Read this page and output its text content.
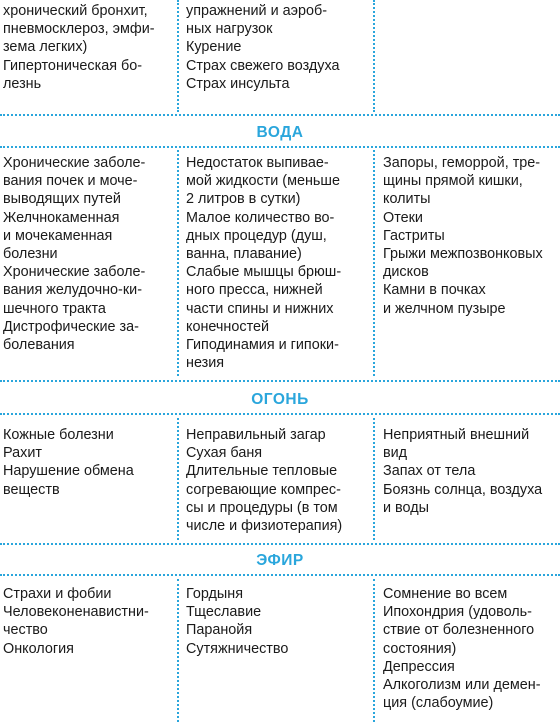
хронический бронхит,
пневмосклероз, эмфи-
зема легких)
Гипертоническая бо-
лезнь
упражнений и аэроб-
ных нагрузок
Курение
Страх свежего воздуха
Страх инсульта
ВОДА
Хронические заболе-
вания почек и моче-
выводящих путей
Желчнокаменная
и мочекаменная
болезни
Хронические заболе-
вания желудочно-ки-
шечного тракта
Дистрофические за-
болевания
Недостаток выпивае-
мой жидкости (меньше
2 литров в сутки)
Малое количество во-
дных процедур (душ,
ванна, плавание)
Слабые мышцы брюш-
ного пресса, нижней
части спины и нижних
конечностей
Гиподинамия и гипоки-
незия
Запоры, геморрой, тре-
щины прямой кишки,
колиты
Отеки
Гастриты
Грыжи межпозвонковых
дисков
Камни в почках
и желчном пузыре
ОГОНЬ
Кожные болезни
Рахит
Нарушение обмена
веществ
Неправильный загар
Сухая баня
Длительные тепловые
согревающие компрес-
сы и процедуры (в том
числе и физиотерапия)
Неприятный внешний
вид
Запах от тела
Боязнь солнца, воздуха
и воды
ЭФИР
Страхи и фобии
Человеконенавистни-
чество
Онкология
Гордыня
Тщеславие
Паранойя
Сутяжничество
Сомнение во всем
Ипохондрия (удоволь-
ствие от болезненного
состояния)
Депрессия
Алкоголизм или демен-
ция (слабоумие)
